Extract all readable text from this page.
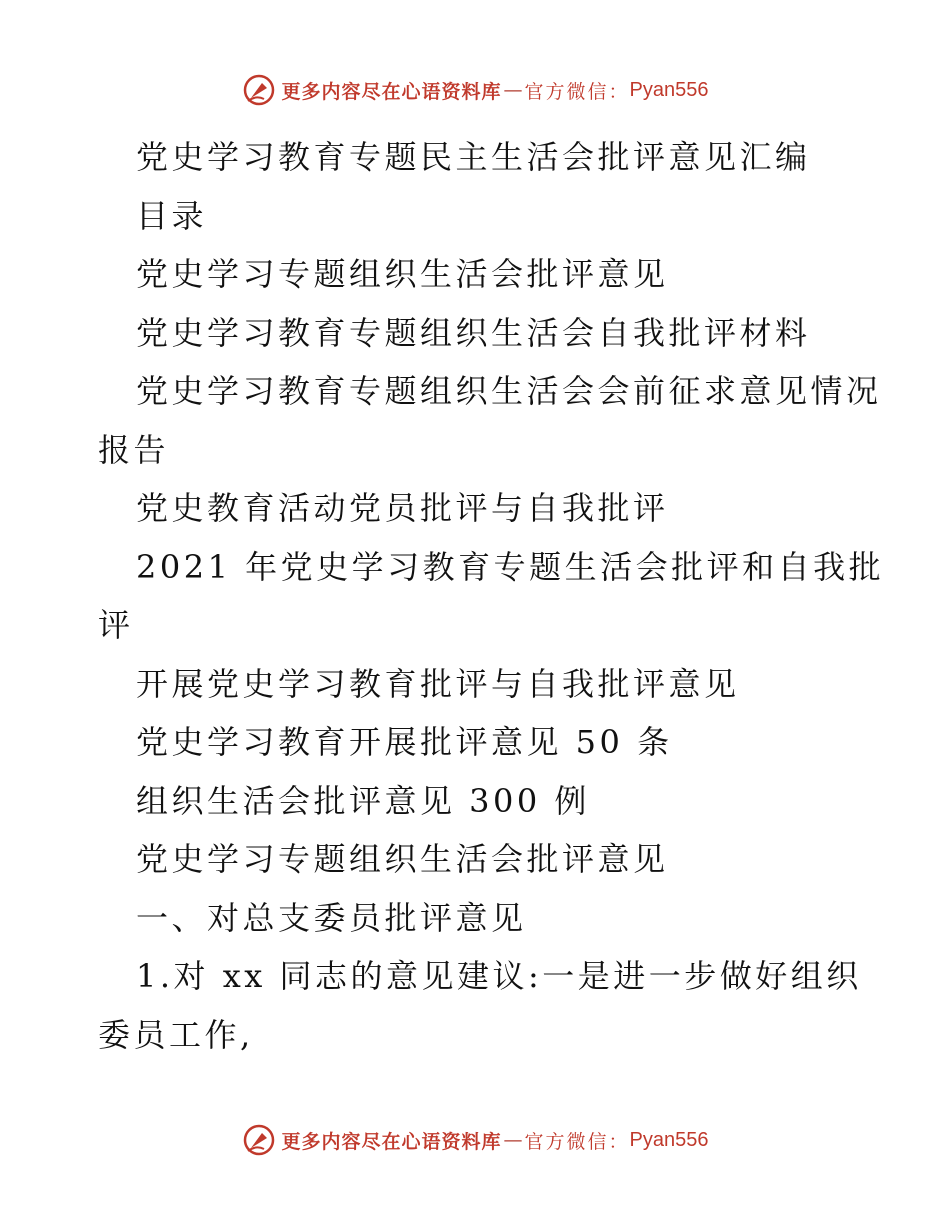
更多内容尽在心语资料库 — 官方微信： Pyan556

党史学习教育专题民主生活会批评意见汇编

目录

党史学习专题组织生活会批评意见

党史学习教育专题组织生活会自我批评材料

党史学习教育专题组织生活会会前征求意见情况

报告

党史教育活动党员批评与自我批评

2021 年党史学习教育专题生活会批评和自我批

评

开展党史学习教育批评与自我批评意见

党史学习教育开展批评意见 50 条

组织生活会批评意见 300 例

党史学习专题组织生活会批评意见

一、对总支委员批评意见

1.对 xx 同志的意见建议:一是进一步做好组织

委员工作,

更多内容尽在心语资料库 — 官方微信： Pyan556
